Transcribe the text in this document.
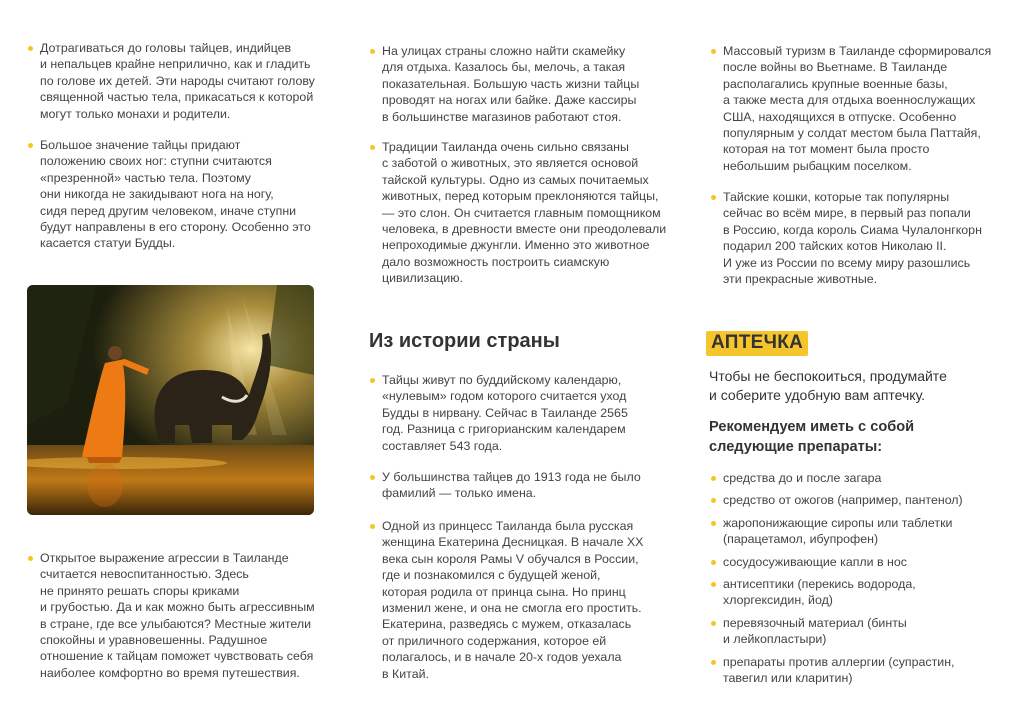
Дотрагиваться до головы тайцев, индийцев
и непальцев крайне неприлично, как и гладить
по голове их детей. Эти народы считают голову
священной частью тела, прикасаться к которой
могут только монахи и родители.

Большое значение тайцы придают
положению своих ног: ступни считаются
«презренной» частью тела. Поэтому
они никогда не закидывают нога на ногу,
сидя перед другим человеком, иначе ступни
будут направлены в его сторону. Особенно это
касается статуи Будды.

Открытое выражение агрессии в Таиланде
считается невоспитанностью. Здесь
не принято решать споры криками
и грубостью. Да и как можно быть агрессивным
в стране, где все улыбаются? Местные жители
спокойны и уравновешенны. Радушное
отношение к тайцам поможет чувствовать себя
наиболее комфортно во время путешествия.

На улицах страны сложно найти скамейку
для отдыха. Казалось бы, мелочь, а такая
показательная. Большую часть жизни тайцы
проводят на ногах или байке. Даже кассиры
в большинстве магазинов работают стоя.

Традиции Таиланда очень сильно связаны
с заботой о животных, это является основой
тайской культуры. Одно из самых почитаемых
животных, перед которым преклоняются тайцы,
— это слон. Он считается главным помощником
человека, в древности вместе они преодолевали
непроходимые джунгли. Именно это животное
дало возможность построить сиамскую
цивилизацию.

Из истории страны

Тайцы живут по буддийскому календарю,
«нулевым» годом которого считается уход
Будды в нирвану. Сейчас в Таиланде 2565
год. Разница с григорианским календарем
составляет 543 года.

У большинства тайцев до 1913 года не было
фамилий — только имена.

Одной из принцесс Таиланда была русская
женщина Екатерина Десницкая. В начале XX
века сын короля Рамы V обучался в России,
где и познакомился с будущей женой,
которая родила от принца сына. Но принц
изменил жене, и она не смогла его простить.
Екатерина, разведясь с мужем, отказалась
от приличного содержания, которое ей
полагалось, и в начале 20-х годов уехала
в Китай.

Массовый туризм в Таиланде сформировался
после войны во Вьетнаме. В Таиланде
располагались крупные военные базы,
а также места для отдыха военнослужащих
США, находящихся в отпуске. Особенно
популярным у солдат местом была Паттайя,
которая на тот момент была просто
небольшим рыбацким поселком.

Тайские кошки, которые так популярны
сейчас во всём мире, в первый раз попали
в Россию, когда король Сиама Чулалонгкорн
подарил 200 тайских котов Николаю II.
И уже из России по всему миру разошлись
эти прекрасные животные.

АПТЕЧКА

Чтобы не беспокоиться, продумайте
и соберите удобную вам аптечку.

Рекомендуем иметь с собой
следующие препараты:

средства до и после загара

средство от ожогов (например, пантенол)

жаропонижающие сиропы или таблетки
(парацетамол, ибупрофен)

сосудосуживающие капли в нос

антисептики (перекись водорода,
хлоргексидин, йод)

перевязочный материал (бинты
и лейкопластыри)

препараты против аллергии (супрастин,
тавегил или кларитин)
